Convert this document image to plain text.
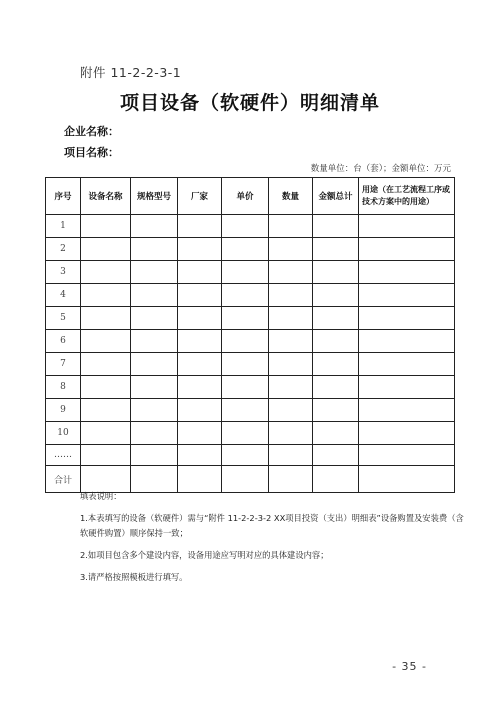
附件 11-2-2-3-1
项目设备（软硬件）明细清单
企业名称：
项目名称：
数量单位：台（套）；金额单位：万元
序号	设备名称	规格型号	厂家	单价	数量	金额总计	用途（在工艺流程工序或技术方案中的用途）
1							
2							
3							
4							
5							
6							
7							
8							
9							
10							
……							
合计							

填表说明：

1.本表填写的设备（软硬件）需与“附件 11-2-2-3-2 XX项目投资（支出）明细表”设备购置及安装费（含软硬件购置）顺序保持一致；

2.如项目包含多个建设内容，设备用途应写明对应的具体建设内容；

3.请严格按照模板进行填写。

- 35 -
